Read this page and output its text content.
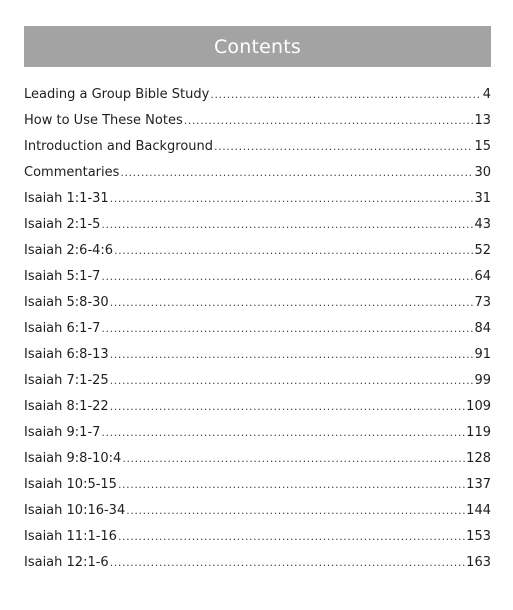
Contents
Leading a Group Bible Study .....	4
How to Use These Notes .....	13
Introduction and Background .....	15
Commentaries .....	30
Isaiah 1:1-31 .....	31
Isaiah 2:1-5 .....	43
Isaiah 2:6-4:6 .....	52
Isaiah 5:1-7 .....	64
Isaiah 5:8-30 .....	73
Isaiah 6:1-7 .....	84
Isaiah 6:8-13 .....	91
Isaiah 7:1-25 .....	99
Isaiah 8:1-22 .....	109
Isaiah 9:1-7 .....	119
Isaiah 9:8-10:4 .....	128
Isaiah 10:5-15 .....	137
Isaiah 10:16-34 .....	144
Isaiah 11:1-16 .....	153
Isaiah 12:1-6 .....	163
